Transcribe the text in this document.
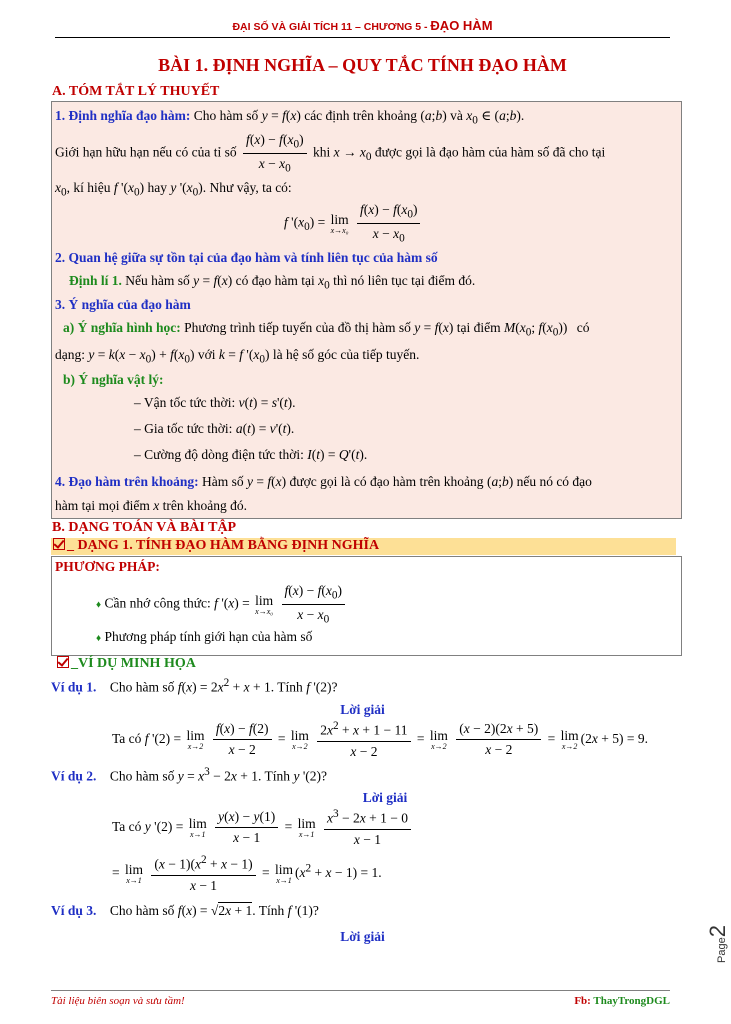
ĐẠI SỐ VÀ GIẢI TÍCH 11 – CHƯƠNG 5 - ĐẠO HÀM
BÀI 1. ĐỊNH NGHĨA – QUY TẮC TÍNH ĐẠO HÀM
A. TÓM TẮT LÝ THUYẾT
1. Định nghĩa đạo hàm: Cho hàm số y = f(x) các định trên khoảng (a;b) và $x_0$ ∈ (a;b).
Giới hạn hữu hạn nếu có của tỉ số $\frac{f(x) - f(x_0)}{x - x_0}$ khi $x \to x_0$ được gọi là đạo hàm của hàm số đã cho tại
$x_0$, kí hiệu f '$(x_0)$ hay y '$(x_0)$. Như vậy, ta có:
f '$(x_0) = \lim$
x→x₀
$\frac{f(x) - f(x_0)}{x - x_0}$
2. Quan hệ giữa sự tồn tại của đạo hàm và tính liên tục của hàm số
Định lí 1. Nếu hàm số y = f(x) có đạo hàm tại $x_0$ thì nó liên tục tại điểm đó.
3. Ý nghĩa của đạo hàm
a) Ý nghĩa hình học: Phương trình tiếp tuyến của đồ thị hàm số y = f(x) tại điểm $M(x_0$; $f(x_0)$) có
dạng: $y = k(x - x_0) + f(x_0)$ với k = f '$(x_0)$ là hệ số góc của tiếp tuyến.
b) Ý nghĩa vật lý:
– Vận tốc tức thời: v(t) = s'(t).
– Gia tốc tức thời: a(t) = v'(t).
– Cường độ dòng điện tức thời: I(t) = Q'(t).
4. Đạo hàm trên khoảng: Hàm số y = f(x) được gọi là có đạo hàm trên khoảng (a;b) nếu nó có đạo
hàm tại mọi điểm x trên khoảng đó.
B. DẠNG TOÁN VÀ BÀI TẬP
_ DẠNG 1. TÍNH ĐẠO HÀM BẰNG ĐỊNH NGHĨA
PHƯƠNG PHÁP:
♦ Cần nhớ công thức: f '(x) = lim
x→x₀
$\frac{f(x) - f(x_0)}{x - x_0}$
♦ Phương pháp tính giới hạn của hàm số
_VÍ DỤ MINH HỌA
Ví dụ 1. Cho hàm số $f(x) = 2x^2 + x + 1$. Tính f '(2)?
Lời giải
Ta có f '(2) = lim
x→2
$\frac{f(x) - f(2)}{x - 2} = \lim$
x→2
$\frac{2x^2 + x + 1 - 11}{x - 2} = \lim$
x→2
$\frac{(x - 2)(2x + 5)}{x - 2} = \lim$
x→2
(2x + 5) = 9.
Ví dụ 2. Cho hàm số $y = x^3 - 2x + 1$. Tính y '(2)?
Lời giải
Ta có y '(2) = lim
x→1
$\frac{y(x) - y(1)}{x - 1} = \lim$
x→1
$\frac{x^3 - 2x + 1 - 0}{x - 1}$
= lim
x→1
$\frac{(x - 1)(x^2 + x - 1)}{x - 1} = \lim$
x→1
$(x^2 + x - 1) = 1$.
Ví dụ 3. Cho hàm số f(x) = √2x + 1. Tính f '(1)?
Lời giải
Page2
Tài liệu biên soạn và sưu tầm!	Fb: ThayTrongDGL
